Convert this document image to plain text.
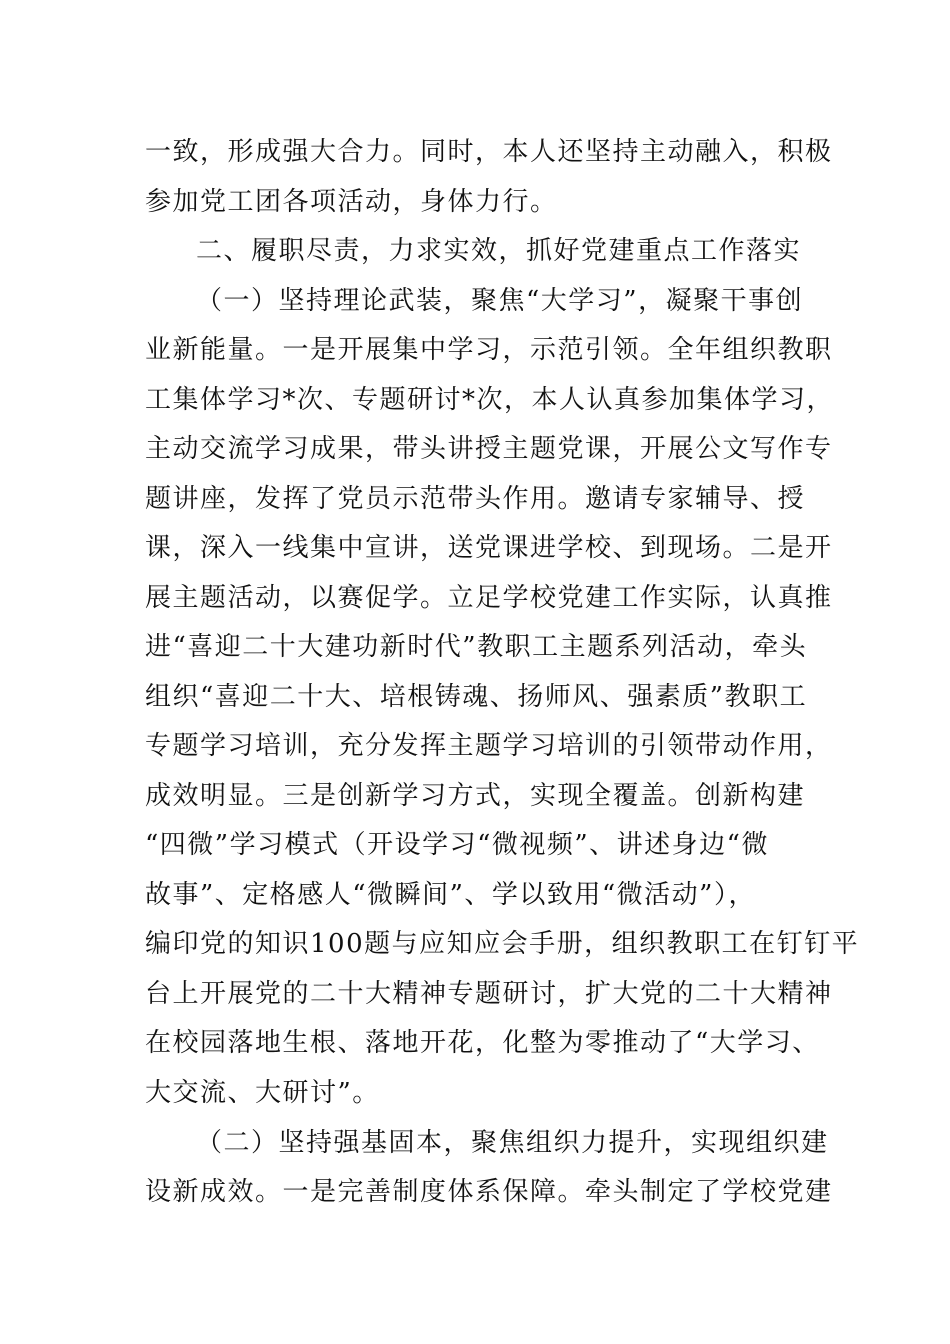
一致，形成强大合力。同时，本人还坚持主动融入，积极
参加党工团各项活动，身体力行。
二、履职尽责，力求实效，抓好党建重点工作落实
（一）坚持理论武装，聚焦“大学习”，凝聚干事创
业新能量。一是开展集中学习，示范引领。全年组织教职
工集体学习*次、专题研讨*次，本人认真参加集体学习，
主动交流学习成果，带头讲授主题党课，开展公文写作专
题讲座，发挥了党员示范带头作用。邀请专家辅导、授
课，深入一线集中宣讲，送党课进学校、到现场。二是开
展主题活动，以赛促学。立足学校党建工作实际，认真推
进“喜迎二十大建功新时代”教职工主题系列活动，牵头
组织“喜迎二十大、培根铸魂、扬师风、强素质”教职工
专题学习培训，充分发挥主题学习培训的引领带动作用，
成效明显。三是创新学习方式，实现全覆盖。创新构建
“四微”学习模式（开设学习“微视频”、讲述身边“微
故事”、定格感人“微瞬间”、学以致用“微活动”），
编印党的知识100题与应知应会手册，组织教职工在钉钉平
台上开展党的二十大精神专题研讨，扩大党的二十大精神
在校园落地生根、落地开花，化整为零推动了“大学习、
大交流、大研讨”。
（二）坚持强基固本，聚焦组织力提升，实现组织建
设新成效。一是完善制度体系保障。牵头制定了学校党建
